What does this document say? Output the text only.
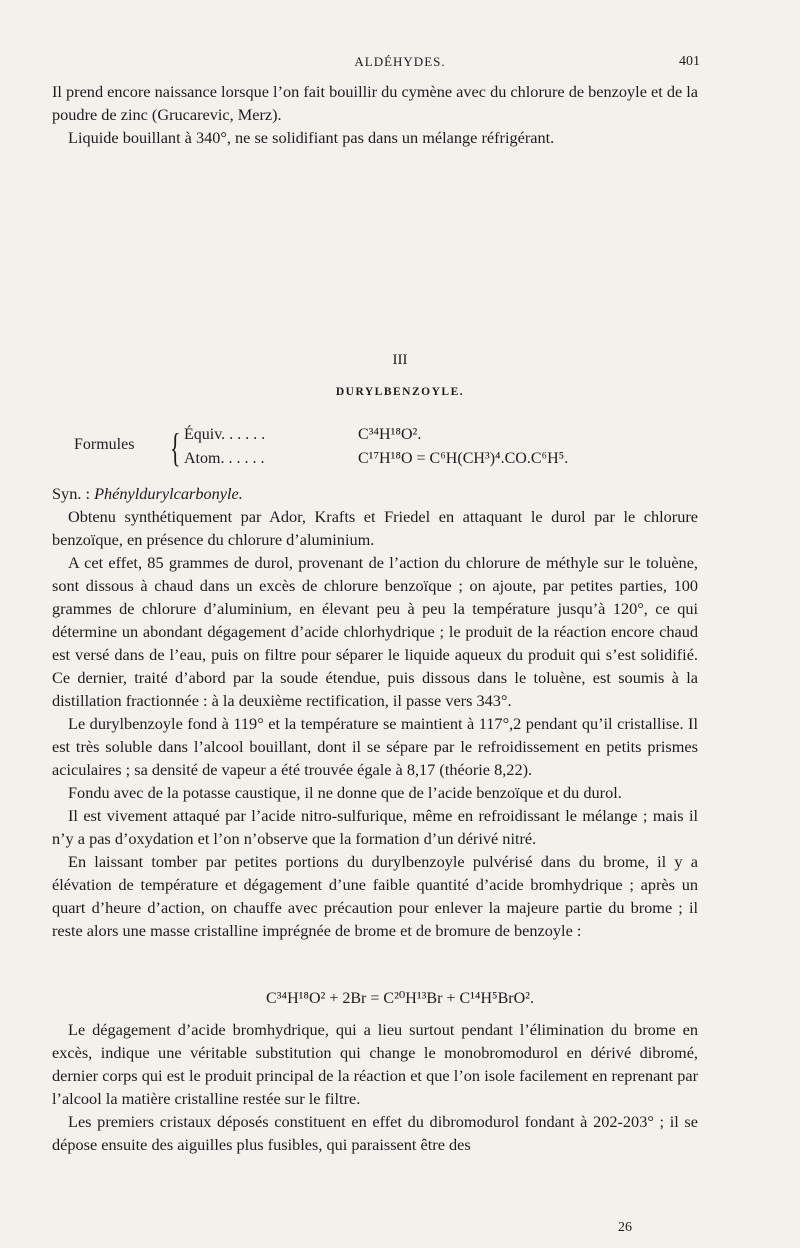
ALDÉHYDES.	401

Il prend encore naissance lorsque l’on fait bouillir du cymène avec du chlorure de benzoyle et de la poudre de zinc (Grucarevic, Merz).

Liquide bouillant à 340°, ne se solidifiant pas dans un mélange réfrigérant.

III
DURYLBENZOYLE.
Formules { Équiv. . . . . .	C³⁴H¹⁸O².
Atom. . . . . .	C¹⁷H¹⁸O = C⁶H(CH³)⁴.CO.C⁶H⁵.

Syn. : Phényldurylcarbonyle.

Obtenu synthétiquement par Ador, Krafts et Friedel en attaquant le durol par le chlorure benzoïque, en présence du chlorure d’aluminium.

A cet effet, 85 grammes de durol, provenant de l’action du chlorure de méthyle sur le toluène, sont dissous à chaud dans un excès de chlorure benzoïque ; on ajoute, par petites parties, 100 grammes de chlorure d’aluminium, en élevant peu à peu la température jusqu’à 120°, ce qui détermine un abondant dégagement d’acide chlorhydrique ; le produit de la réaction encore chaud est versé dans de l’eau, puis on filtre pour séparer le liquide aqueux du produit qui s’est solidifié. Ce dernier, traité d’abord par la soude étendue, puis dissous dans le toluène, est soumis à la distillation fractionnée : à la deuxième rectification, il passe vers 343°.

Le durylbenzoyle fond à 119° et la température se maintient à 117°,2 pendant qu’il cristallise. Il est très soluble dans l’alcool bouillant, dont il se sépare par le refroidissement en petits prismes aciculaires ; sa densité de vapeur a été trouvée égale à 8,17 (théorie 8,22).

Fondu avec de la potasse caustique, il ne donne que de l’acide benzoïque et du durol.

Il est vivement attaqué par l’acide nitro-sulfurique, même en refroidissant le mélange ; mais il n’y a pas d’oxydation et l’on n’observe que la formation d’un dérivé nitré.

En laissant tomber par petites portions du durylbenzoyle pulvérisé dans du brome, il y a élévation de température et dégagement d’une faible quantité d’acide bromhydrique ; après un quart d’heure d’action, on chauffe avec précaution pour enlever la majeure partie du brome ; il reste alors une masse cristalline imprégnée de brome et de bromure de benzoyle :

C³⁴H¹⁸O² + 2Br = C²⁰H¹³Br + C¹⁴H⁵BrO².

Le dégagement d’acide bromhydrique, qui a lieu surtout pendant l’élimination du brome en excès, indique une véritable substitution qui change le monobromodurol en dérivé dibromé, dernier corps qui est le produit principal de la réaction et que l’on isole facilement en reprenant par l’alcool la matière cristalline restée sur le filtre.

Les premiers cristaux déposés constituent en effet du dibromodurol fondant à 202-203° ; il se dépose ensuite des aiguilles plus fusibles, qui paraissent être des

26
